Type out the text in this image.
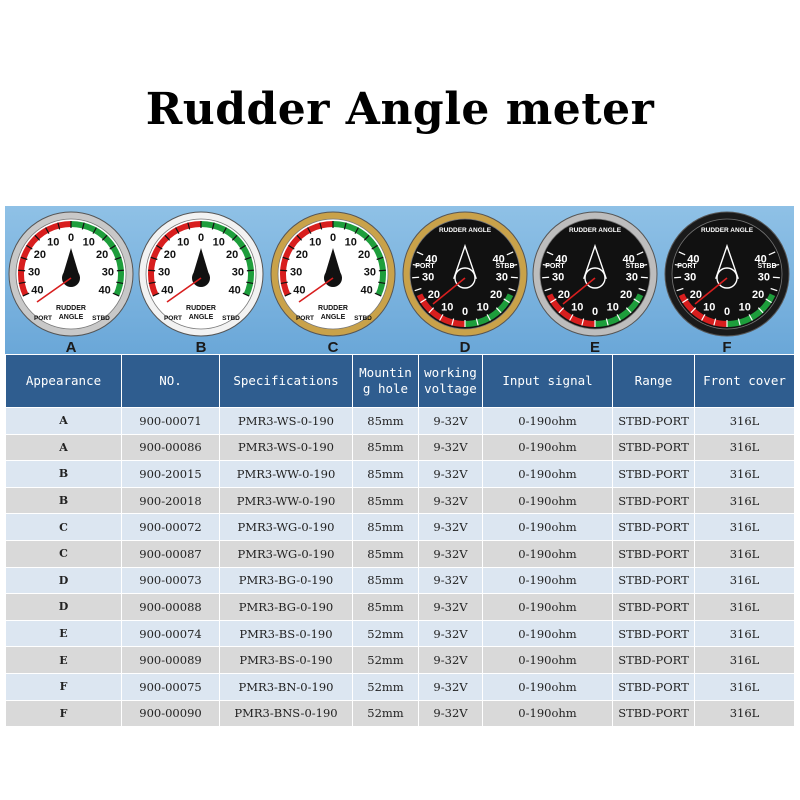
Rudder Angle meter
40
30
20
10 0 10
20
30
40
PORT	STBD
RUDDER
ANGLE
A
40
30
20
10 0 10
20
30
40
PORT	STBD
RUDDER
ANGLE
B
40
30
20
10 0 10
20
30
40
PORT	STBD
RUDDER
ANGLE
C
40
30
20
10 0 10
20
30
40
RUDDER ANGLE
PORT	STBD
D
40
30
20
10 0 10
20
30
40
RUDDER ANGLE
PORT	STBD
E
40
30
20
10 0 10
20
30
40
RUDDER ANGLE
PORT	STBD
F
Appearance	NO.	Specifications	Mountin g hole	working voltage	Input signal	Range	Front cover
A	900-00071	PMR3-WS-0-190	85mm	9-32V	0-190ohm	STBD-PORT	316L
A	900-00086	PMR3-WS-0-190	85mm	9-32V	0-190ohm	STBD-PORT	316L
B	900-20015	PMR3-WW-0-190	85mm	9-32V	0-190ohm	STBD-PORT	316L
B	900-20018	PMR3-WW-0-190	85mm	9-32V	0-190ohm	STBD-PORT	316L
C	900-00072	PMR3-WG-0-190	85mm	9-32V	0-190ohm	STBD-PORT	316L
C	900-00087	PMR3-WG-0-190	85mm	9-32V	0-190ohm	STBD-PORT	316L
D	900-00073	PMR3-BG-0-190	85mm	9-32V	0-190ohm	STBD-PORT	316L
D	900-00088	PMR3-BG-0-190	85mm	9-32V	0-190ohm	STBD-PORT	316L
E	900-00074	PMR3-BS-0-190	52mm	9-32V	0-190ohm	STBD-PORT	316L
E	900-00089	PMR3-BS-0-190	52mm	9-32V	0-190ohm	STBD-PORT	316L
F	900-00075	PMR3-BN-0-190	52mm	9-32V	0-190ohm	STBD-PORT	316L
F	900-00090	PMR3-BNS-0-190	52mm	9-32V	0-190ohm	STBD-PORT	316L
